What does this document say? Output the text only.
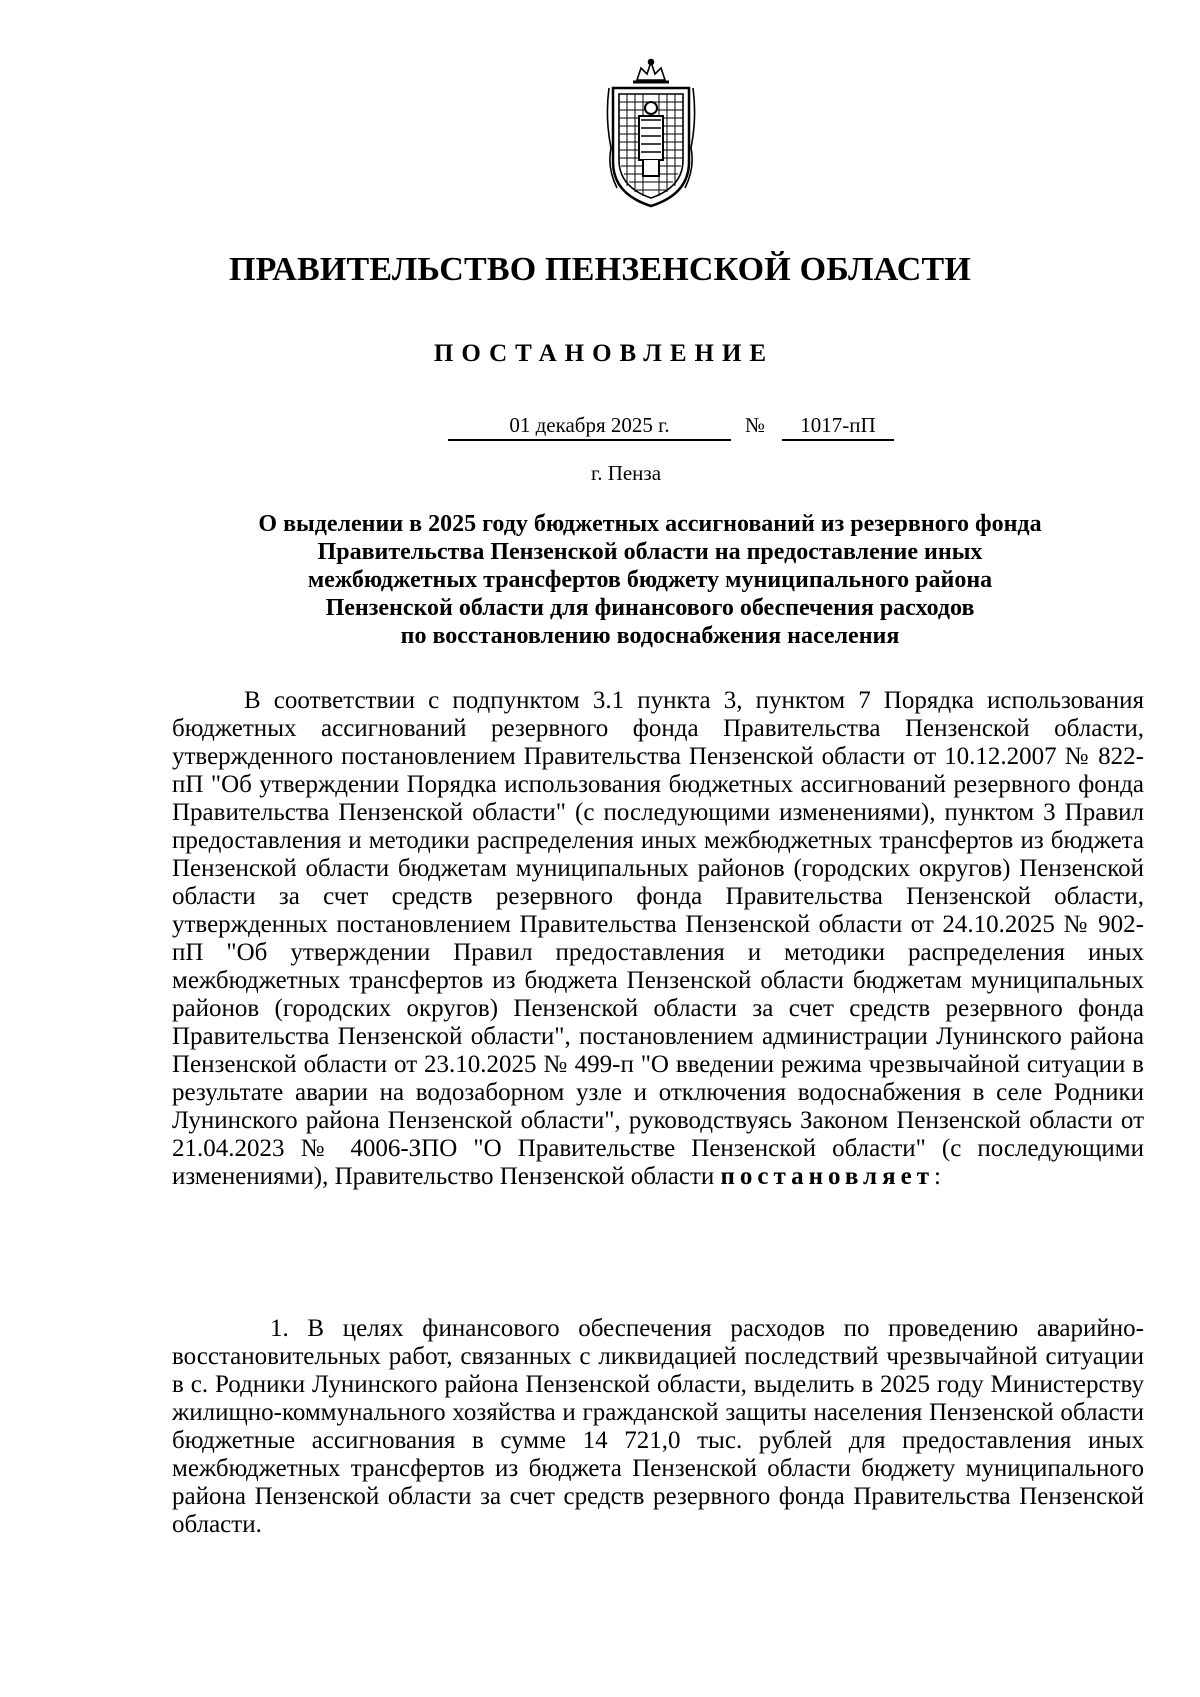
ПРАВИТЕЛЬСТВО ПЕНЗЕНСКОЙ ОБЛАСТИ
ПОСТАНОВЛЕНИЕ
01 декабря 2025 г.	№	1017-пП
г. Пенза
О выделении в 2025 году бюджетных ассигнований из резервного фонда
Правительства Пензенской области на предоставление иных
межбюджетных трансфертов бюджету муниципального района
Пензенской области для финансового обеспечения расходов
по восстановлению водоснабжения населения
В соответствии с подпунктом 3.1 пункта 3, пунктом 7 Порядка использования бюджетных ассигнований резервного фонда Правительства Пензенской области, утвержденного постановлением Правительства Пензенской области от 10.12.2007 № 822-пП "Об утверждении Порядка использования бюджетных ассигнований резервного фонда Правительства Пензенской области" (с последующими изменениями), пунктом 3 Правил предоставления и методики распределения иных межбюджетных трансфертов из бюджета Пензенской области бюджетам муниципальных районов (городских округов) Пензенской области за счет средств резервного фонда Правительства Пензенской области, утвержденных постановлением Правительства Пензенской области от 24.10.2025 № 902-пП "Об утверждении Правил предоставления и методики распределения иных межбюджетных трансфертов из бюджета Пензенской области бюджетам муниципальных районов (городских округов) Пензенской области за счет средств резервного фонда Правительства Пензенской области", постановлением администрации Лунинского района Пензенской области от 23.10.2025 № 499-п "О введении режима чрезвычайной ситуации в результате аварии на водозаборном узле и отключения водоснабжения в селе Родники Лунинского района Пензенской области", руководствуясь Законом Пензенской области от 21.04.2023 № 4006-ЗПО "О Правительстве Пензенской области" (с последующими изменениями), Правительство Пензенской области постановляет:
1. В целях финансового обеспечения расходов по проведению аварийно-восстановительных работ, связанных с ликвидацией последствий чрезвычайной ситуации в с. Родники Лунинского района Пензенской области, выделить в 2025 году Министерству жилищно-коммунального хозяйства и гражданской защиты населения Пензенской области бюджетные ассигнования в сумме 14 721,0 тыс. рублей для предоставления иных межбюджетных трансфертов из бюджета Пензенской области бюджету муниципального района Пензенской области за счет средств резервного фонда Правительства Пензенской области.
